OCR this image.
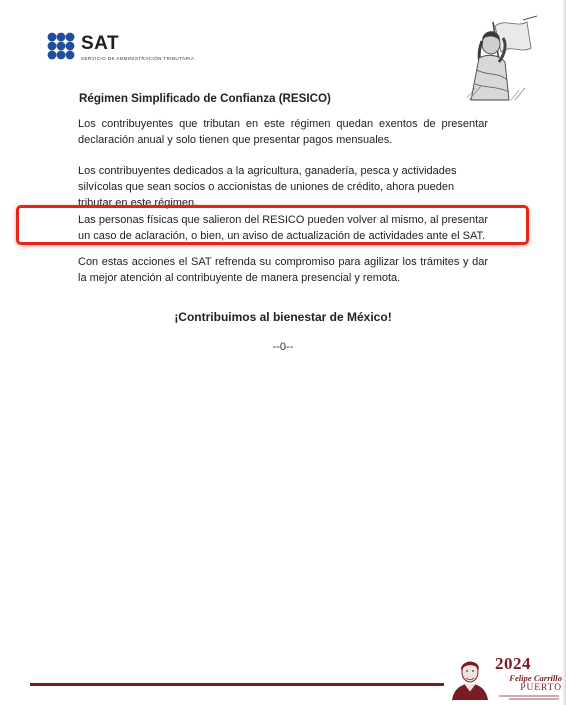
SAT
SERVICIO DE ADMINISTRACIÓN TRIBUTARIA
Régimen Simplificado de Confianza (RESICO)

Los contribuyentes que tributan en este régimen quedan exentos de presentar declaración anual y solo tienen que presentar pagos mensuales.

Los contribuyentes dedicados a la agricultura, ganadería, pesca y actividades silvícolas que sean socios o accionistas de uniones de crédito, ahora pueden tributar en este régimen.

Las personas físicas que salieron del RESICO pueden volver al mismo, al presentar un caso de aclaración, o bien, un aviso de actualización de actividades ante el SAT.

Con estas acciones el SAT refrenda su compromiso para agilizar los trámites y dar la mejor atención al contribuyente de manera presencial y remota.

¡Contribuimos al bienestar de México!
--0--
2024
Felipe Carrillo
PUERTO
